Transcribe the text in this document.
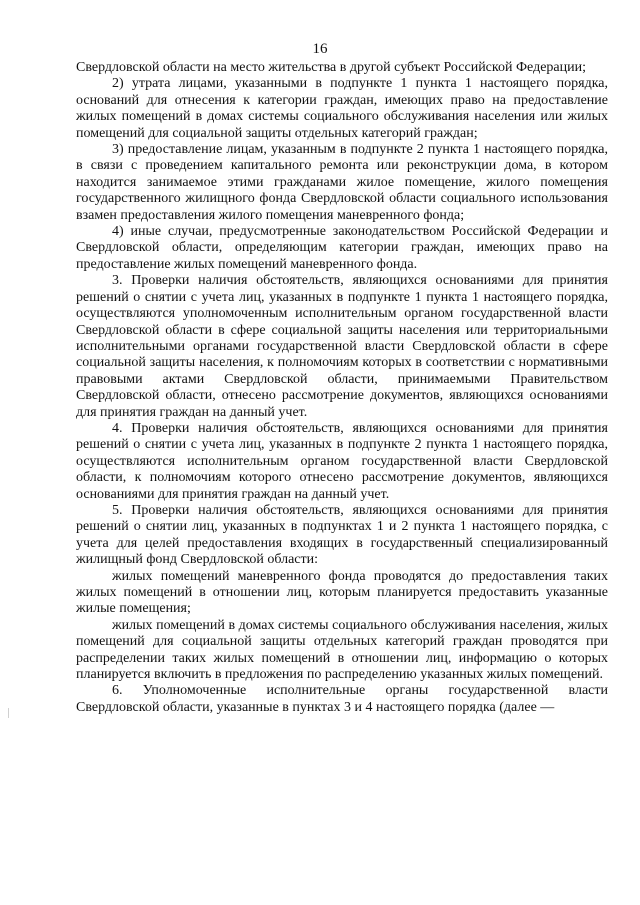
16

Свердловской области на место жительства в другой субъект Российской Федерации;

2) утрата лицами, указанными в подпункте 1 пункта 1 настоящего порядка, оснований для отнесения к категории граждан, имеющих право на предоставление жилых помещений в домах системы социального обслуживания населения или жилых помещений для социальной защиты отдельных категорий граждан;

3) предоставление лицам, указанным в подпункте 2 пункта 1 настоящего порядка, в связи с проведением капитального ремонта или реконструкции дома, в котором находится занимаемое этими гражданами жилое помещение, жилого помещения государственного жилищного фонда Свердловской области социального использования взамен предоставления жилого помещения маневренного фонда;

4) иные случаи, предусмотренные законодательством Российской Федерации и Свердловской области, определяющим категории граждан, имеющих право на предоставление жилых помещений маневренного фонда.

3. Проверки наличия обстоятельств, являющихся основаниями для принятия решений о снятии с учета лиц, указанных в подпункте 1 пункта 1 настоящего порядка, осуществляются уполномоченным исполнительным органом государственной власти Свердловской области в сфере социальной защиты населения или территориальными исполнительными органами государственной власти Свердловской области в сфере социальной защиты населения, к полномочиям которых в соответствии с нормативными правовыми актами Свердловской области, принимаемыми Правительством Свердловской области, отнесено рассмотрение документов, являющихся основаниями для принятия граждан на данный учет.

4. Проверки наличия обстоятельств, являющихся основаниями для принятия решений о снятии с учета лиц, указанных в подпункте 2 пункта 1 настоящего порядка, осуществляются исполнительным органом государственной власти Свердловской области, к полномочиям которого отнесено рассмотрение документов, являющихся основаниями для принятия граждан на данный учет.

5. Проверки наличия обстоятельств, являющихся основаниями для принятия решений о снятии лиц, указанных в подпунктах 1 и 2 пункта 1 настоящего порядка, с учета для целей предоставления входящих в государственный специализированный жилищный фонд Свердловской области:

жилых помещений маневренного фонда проводятся до предоставления таких жилых помещений в отношении лиц, которым планируется предоставить указанные жилые помещения;

жилых помещений в домах системы социального обслуживания населения, жилых помещений для социальной защиты отдельных категорий граждан проводятся при распределении таких жилых помещений в отношении лиц, информацию о которых планируется включить в предложения по распределению указанных жилых помещений.

6. Уполномоченные исполнительные органы государственной власти Свердловской области, указанные в пунктах 3 и 4 настоящего порядка (далее —
